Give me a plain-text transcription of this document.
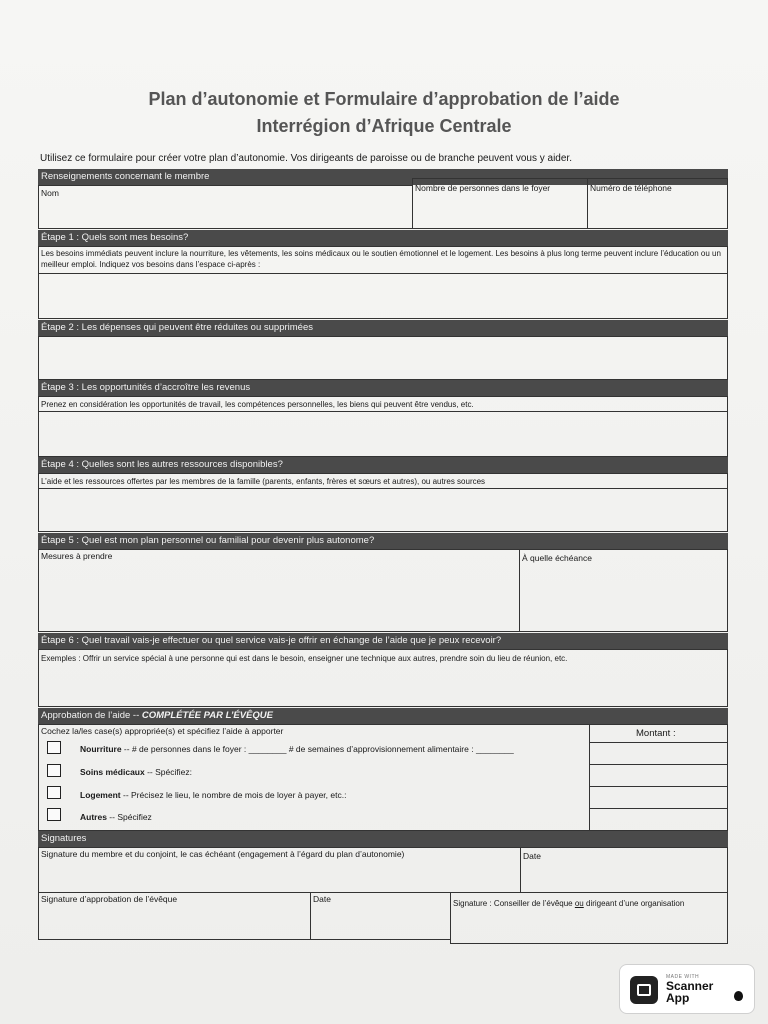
Plan d’autonomie et Formulaire d’approbation de l’aide
Interrégion d’Afrique Centrale
Utilisez ce formulaire pour créer votre plan d’autonomie. Vos dirigeants de paroisse ou de branche peuvent vous y aider.
Renseignements concernant le membre
Nom	Nombre de personnes dans le foyer	Numéro de téléphone
Étape 1 : Quels sont mes besoins?
Les besoins immédiats peuvent inclure la nourriture, les vêtements, les soins médicaux ou le soutien émotionnel et le logement. Les besoins à plus long terme peuvent inclure l’éducation ou un meilleur emploi. Indiquez vos besoins dans l’espace ci-après :
Étape 2 : Les dépenses qui peuvent être réduites ou supprimées
Étape 3 : Les opportunités d’accroître les revenus
Prenez en considération les opportunités de travail, les compétences personnelles, les biens qui peuvent être vendus, etc.
Étape 4 : Quelles sont les autres ressources disponibles?
L’aide et les ressources offertes par les membres de la famille (parents, enfants, frères et sœurs et autres), ou autres sources
Étape 5 : Quel est mon plan personnel ou familial pour devenir plus autonome?
Mesures à prendre	À quelle échéance
Étape 6 : Quel travail vais-je effectuer ou quel service vais-je offrir en échange de l’aide que je peux recevoir?
Exemples : Offrir un service spécial à une personne qui est dans le besoin, enseigner une technique aux autres, prendre soin du lieu de réunion, etc.
Approbation de l’aide -- COMPLÉTÉE PAR L’ÉVÊQUE
Cochez la/les case(s) appropriée(s) et spécifiez l’aide à apporter	Montant :
Nourriture -- # de personnes dans le foyer : ________ # de semaines d’approvisionnement alimentaire : ________
Soins médicaux -- Spécifiez:
Logement -- Précisez le lieu, le nombre de mois de loyer à payer, etc.:
Autres -- Spécifiez
Signatures
Signature du membre et du conjoint, le cas échéant (engagement à l’égard du plan d’autonomie)	Date
Signature d’approbation de l’évêque	Date	Signature : Conseiller de l’évêque ou dirigeant d’une organisation
MADE WITH
Scanner
App
